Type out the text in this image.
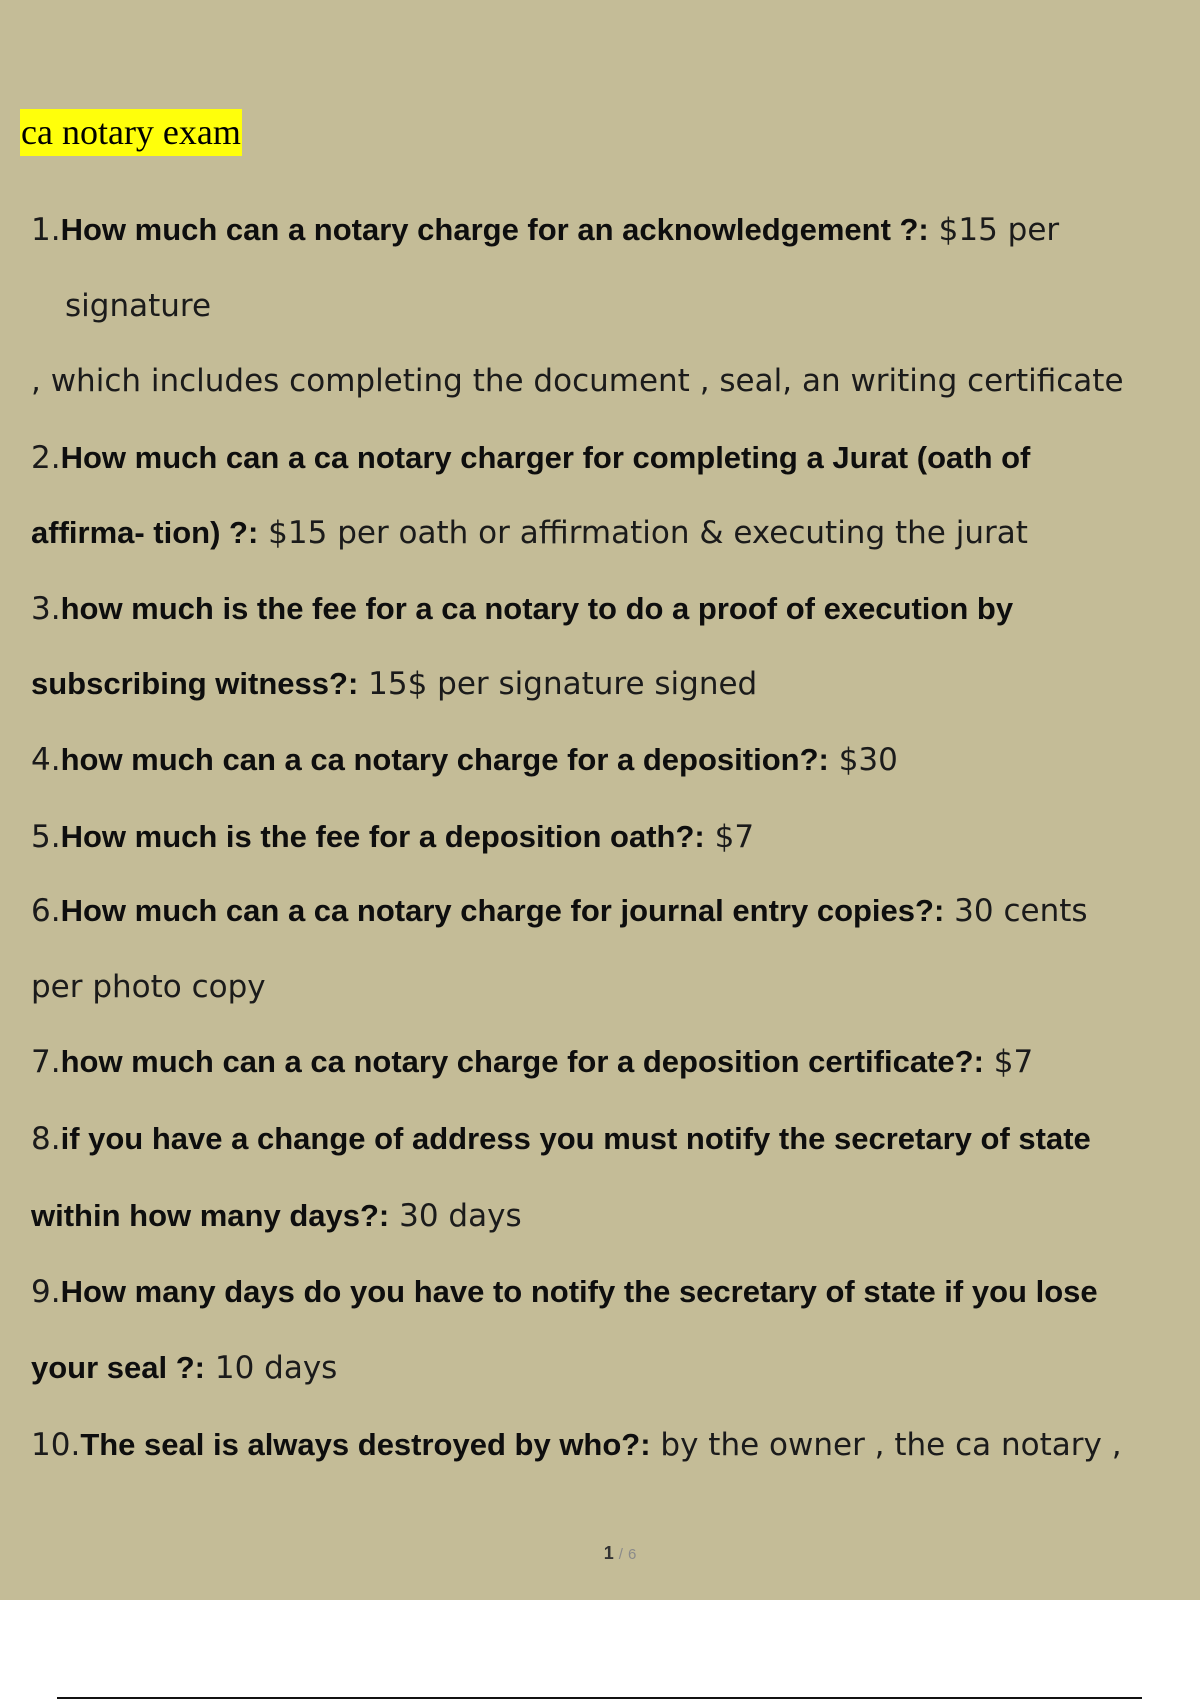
ca notary exam
1.How much can a notary charge for an acknowledgement ?: $15 per
signature
, which includes completing the document , seal, an writing certificate
2.How much can a ca notary charger for completing a Jurat (oath of
affirma- tion) ?: $15 per oath or affirmation & executing the jurat
3.how much is the fee for a ca notary to do a proof of execution by
subscribing witness?: 15$ per signature signed
4.how much can a ca notary charge for a deposition?: $30
5.How much is the fee for a deposition oath?: $7
6.How much can a ca notary charge for journal entry copies?: 30 cents
per photo copy
7.how much can a ca notary charge for a deposition certificate?: $7
8.if you have a change of address you must notify the secretary of state
within how many days?: 30 days
9.How many days do you have to notify the secretary of state if you lose
your seal ?: 10 days
10.The seal is always destroyed by who?: by the owner , the ca notary ,
1 / 6
